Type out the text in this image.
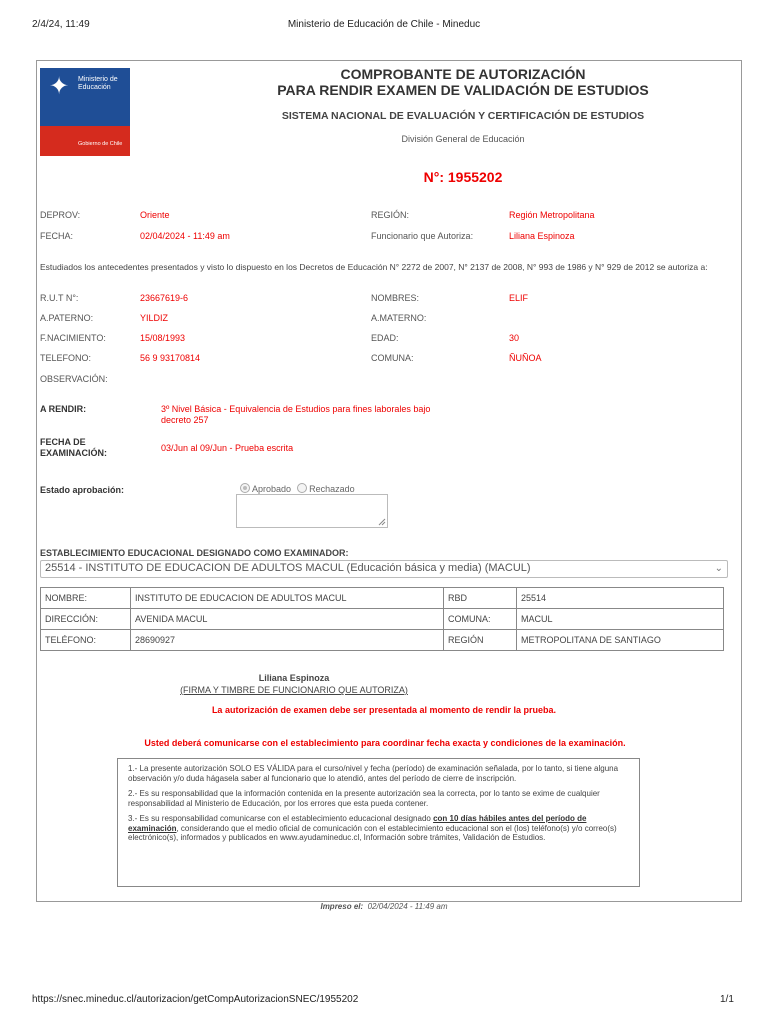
Ministerio de Educación de Chile - Mineduc
2/4/24, 11:49
✦	Ministerio de Educación
Gobierno de Chile
COMPROBANTE DE AUTORIZACIÓN
PARA RENDIR EXAMEN DE VALIDACIÓN DE ESTUDIOS
SISTEMA NACIONAL DE EVALUACIÓN Y CERTIFICACIÓN DE ESTUDIOS
División General de Educación
N°: 1955202
DEPROV:	Oriente	REGIÓN:	Región Metropolitana
FECHA:	02/04/2024 - 11:49 am	Funcionario que Autoriza:	Liliana Espinoza
Estudiados los antecedentes presentados y visto lo dispuesto en los Decretos de Educación N° 2272 de 2007, N° 2137 de 2008, N° 993 de 1986 y N° 929 de 2012 se autoriza a:
R.U.T N°:	23667619-6	NOMBRES:	ELIF
A.PATERNO:	YILDIZ	A.MATERNO:
F.NACIMIENTO:	15/08/1993	EDAD:	30
TELEFONO:	56 9 93170814	COMUNA:	ÑUÑOA
OBSERVACIÓN:
A RENDIR:	3º Nivel Básica - Equivalencia de Estudios para fines laborales bajo decreto 257
FECHA DE
EXAMINACIÓN:	03/Jun al 09/Jun - Prueba escrita
Estado aprobación:	Aprobado Rechazado
ESTABLECIMIENTO EDUCACIONAL DESIGNADO COMO EXAMINADOR:
25514 - INSTITUTO DE EDUCACION DE ADULTOS MACUL (Educación básica y media) (MACUL)	⌄
NOMBRE:	INSTITUTO DE EDUCACION DE ADULTOS MACUL	RBD	25514
DIRECCIÓN:	AVENIDA MACUL	COMUNA:	MACUL
TELÉFONO:	28690927	REGIÓN	METROPOLITANA DE SANTIAGO
Liliana Espinoza
(FIRMA Y TIMBRE DE FUNCIONARIO QUE AUTORIZA)
La autorización de examen debe ser presentada al momento de rendir la prueba.
Usted deberá comunicarse con el establecimiento para coordinar fecha exacta y condiciones de la examinación.

1.- La presente autorización SOLO ES VÁLIDA para el curso/nivel y fecha (período) de examinación señalada, por lo tanto, si tiene alguna observación y/o duda hágasela saber al funcionario que lo atendió, antes del período de cierre de inscripción.

2.- Es su responsabilidad que la información contenida en la presente autorización sea la correcta, por lo tanto se exime de cualquier responsabilidad al Ministerio de Educación, por los errores que esta pueda contener.

3.- Es su responsabilidad comunicarse con el establecimiento educacional designado con 10 días hábiles antes del período de examinación, considerando que el medio oficial de comunicación con el establecimiento educacional son el (los) teléfono(s) y/o correo(s) electrónico(s), informados y publicados en www.ayudamineduc.cl, Información sobre trámites, Validación de Estudios.

Impreso el: 02/04/2024 - 11:49 am
https://snec.mineduc.cl/autorizacion/getCompAutorizacionSNEC/1955202	1/1
